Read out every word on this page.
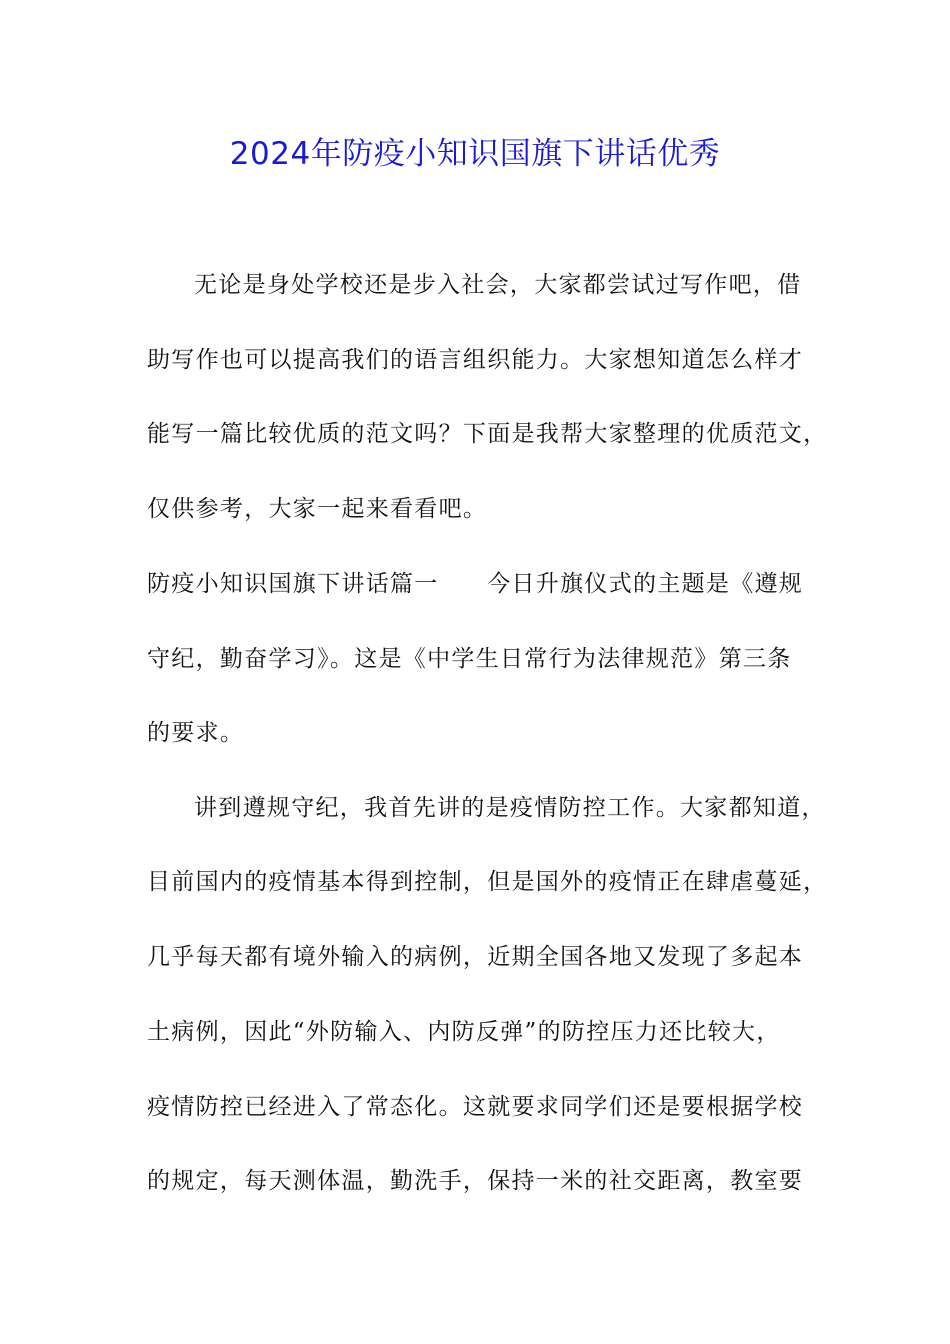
2024年防疫小知识国旗下讲话优秀
无论是身处学校还是步入社会，大家都尝试过写作吧，借
助写作也可以提高我们的语言组织能力。大家想知道怎么样才
能写一篇比较优质的范文吗？下面是我帮大家整理的优质范文，
仅供参考，大家一起来看看吧。
防疫小知识国旗下讲话篇一　　今日升旗仪式的主题是《遵规
守纪，勤奋学习》。这是《中学生日常行为法律规范》第三条
的要求。
讲到遵规守纪，我首先讲的是疫情防控工作。大家都知道，
目前国内的疫情基本得到控制，但是国外的疫情正在肆虐蔓延，
几乎每天都有境外输入的病例，近期全国各地又发现了多起本
土病例，因此“外防输入、内防反弹”的防控压力还比较大，
疫情防控已经进入了常态化。这就要求同学们还是要根据学校
的规定，每天测体温，勤洗手，保持一米的社交距离，教室要
